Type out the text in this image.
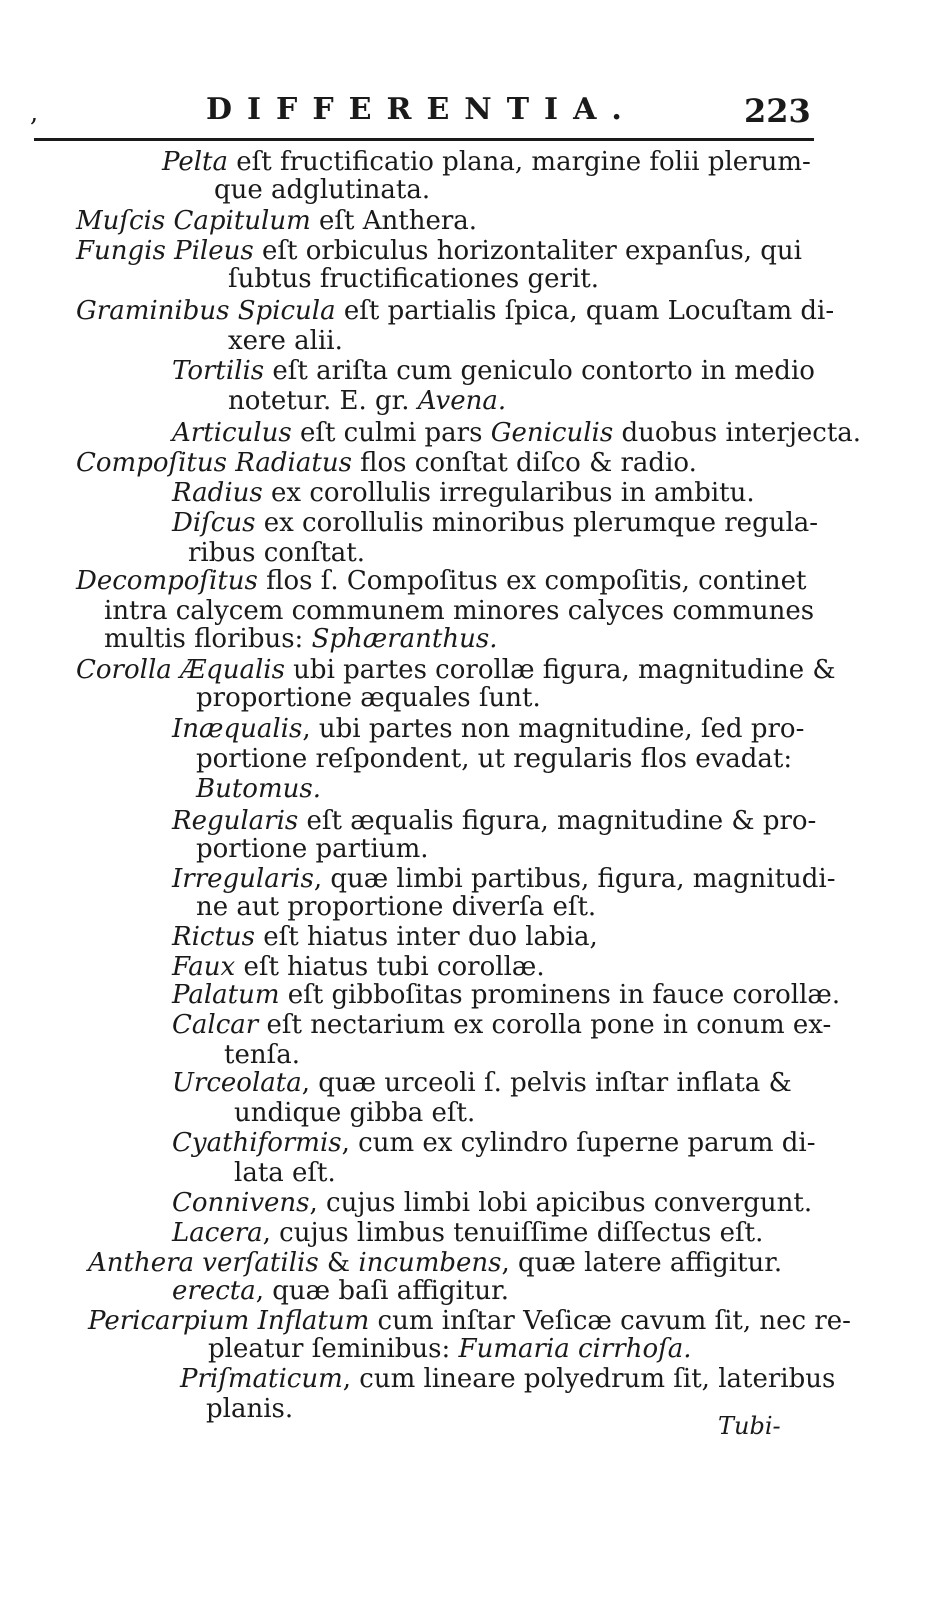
,	DIFFERENTIA.	223
Pelta eſt fructificatio plana, margine folii plerum-
que adglutinata.
Muſcis Capitulum eſt Anthera.
Fungis Pileus eſt orbiculus horizontaliter expanſus, qui
ſubtus fructificationes gerit.
Graminibus Spicula eſt partialis ſpica, quam Locuſtam di-
xere alii.
Tortilis eſt ariſta cum geniculo contorto in medio
notetur. E. gr. Avena.
Articulus eſt culmi pars Geniculis duobus interjecta.
Compoſitus Radiatus flos conſtat diſco & radio.
Radius ex corollulis irregularibus in ambitu.
Diſcus ex corollulis minoribus plerumque regula-
ribus conſtat.
Decompoſitus flos ſ. Compoſitus ex compoſitis, continet
intra calycem communem minores calyces communes
multis floribus: Sphæranthus.
Corolla Æqualis ubi partes corollæ figura, magnitudine &
proportione æquales ſunt.
Inæqualis, ubi partes non magnitudine, ſed pro-
portione reſpondent, ut regularis flos evadat:
Butomus.
Regularis eſt æqualis figura, magnitudine & pro-
portione partium.
Irregularis, quæ limbi partibus, figura, magnitudi-
ne aut proportione diverſa eſt.
Rictus eſt hiatus inter duo labia,
Faux eſt hiatus tubi corollæ.
Palatum eſt gibboſitas prominens in fauce corollæ.
Calcar eſt nectarium ex corolla pone in conum ex-
tenſa.
Urceolata, quæ urceoli ſ. pelvis inſtar inflata &
undique gibba eſt.
Cyathiformis, cum ex cylindro ſuperne parum di-
lata eſt.
Connivens, cujus limbi lobi apicibus convergunt.
Lacera, cujus limbus tenuiſſime diſſectus eſt.
Anthera verſatilis & incumbens, quæ latere affigitur.
erecta, quæ baſi affigitur.
Pericarpium Inflatum cum inſtar Veſicæ cavum ſit, nec re-
pleatur ſeminibus: Fumaria cirrhoſa.
Priſmaticum, cum lineare polyedrum ſit, lateribus
planis.
Tubi-
